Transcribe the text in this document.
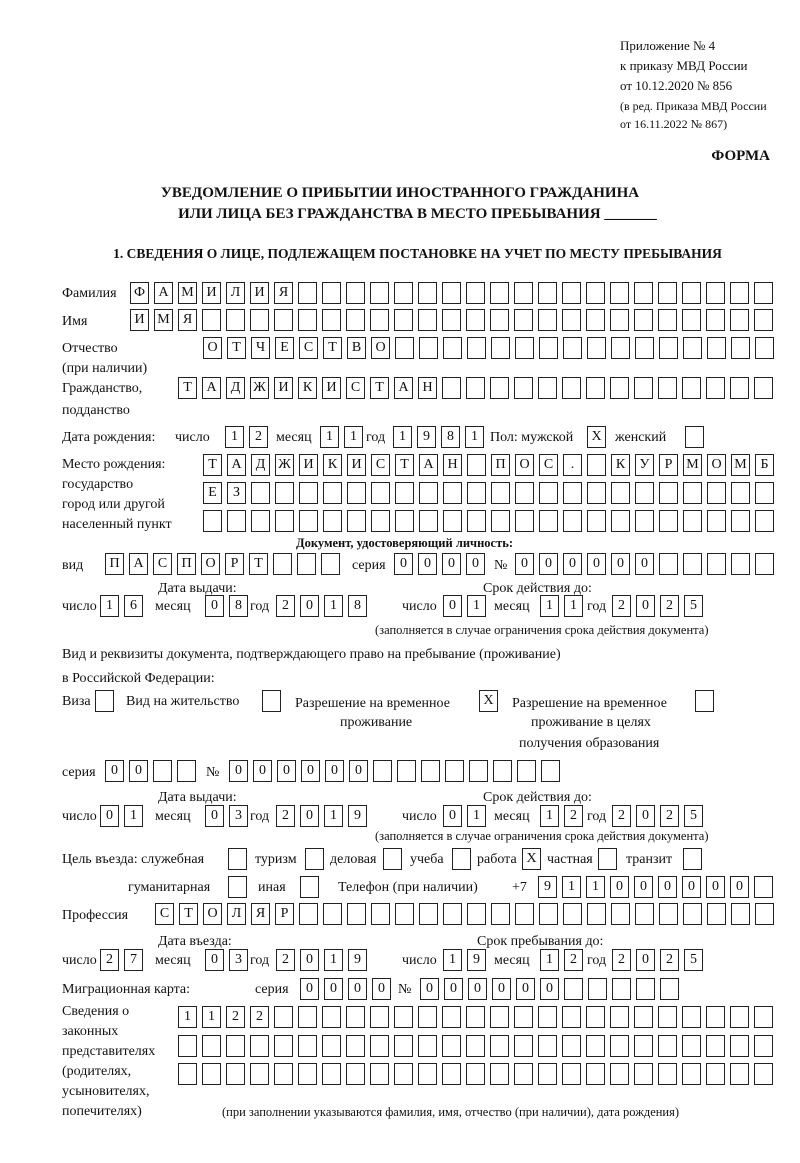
Приложение № 4
к приказу МВД России
от 10.12.2020 № 856
(в ред. Приказа МВД России
от 16.11.2022 № 867)
ФОРМА
УВЕДОМЛЕНИЕ О ПРИБЫТИИ ИНОСТРАННОГО ГРАЖДАНИНА
ИЛИ ЛИЦА БЕЗ ГРАЖДАНСТВА В МЕСТО ПРЕБЫВАНИЯ _______
1. СВЕДЕНИЯ О ЛИЦЕ, ПОДЛЕЖАЩЕМ ПОСТАНОВКЕ НА УЧЕТ ПО МЕСТУ ПРЕБЫВАНИЯ
Фамилия Ф А М И	Л	И	Я
Имя	И М Я
Отчество
(при наличии)
О	Т	Ч	Е	С	Т	В	О
Гражданство,
подданство
Т	А	Д Ж И	К	И	С	Т	А Н
Дата рождения: число	1	2	месяц	1	1 год 1	9	8	1 Пол: мужской	X женский
Место рождения:
государство
город или другой
населенный пункт
Т	А	Д Ж И	К	И	С	Т	А Н	П О	С	.	К	У	Р М О М Б
Е	З
Документ, удостоверяющий личность:
вид	П А	С	П О	Р	Т	серия	0	0	0	0	№ 0	0	0	0	0	0
Дата выдачи:	Срок действия до:
число 1	6	месяц	0	8 год 2	0	1	8	число 0	1	месяц	1	1 год 2	0	2	5
(заполняется в случае ограничения срока действия документа)
Вид и реквизиты документа, подтверждающего право на пребывание (проживание)
в Российской Федерации:
Виза	Вид на жительство	Разрешение на временное
проживание
X	Разрешение на временное
проживание в целях
получения образования
серия	0	0	№	0	0	0	0	0	0
Дата выдачи:	Срок действия до:
число 0	1	месяц	0	3 год 2	0	1	9	число 0	1	месяц	1	2 год 2	0	2	5
(заполняется в случае ограничения срока действия документа)
Цель въезда: служебная	туризм деловая учеба работа X частная транзит
гуманитарная	иная	Телефон (при наличии) +7	9	1	1	0	0	0	0	0	0
Профессия	С	Т	О	Л	Я	Р
Дата въезда:	Срок пребывания до:
число 2	7	месяц	0	3 год 2	0	1	9	число 1	9	месяц	1	2 год 2	0	2	5
Миграционная карта:	серия	0	0	0	0 №	0	0	0	0	0	0
Сведения о
законных
представителях
(родителях,
усыновителях,
попечителях)
1	1	2	2
(при заполнении указываются фамилия, имя, отчество (при наличии), дата рождения)
